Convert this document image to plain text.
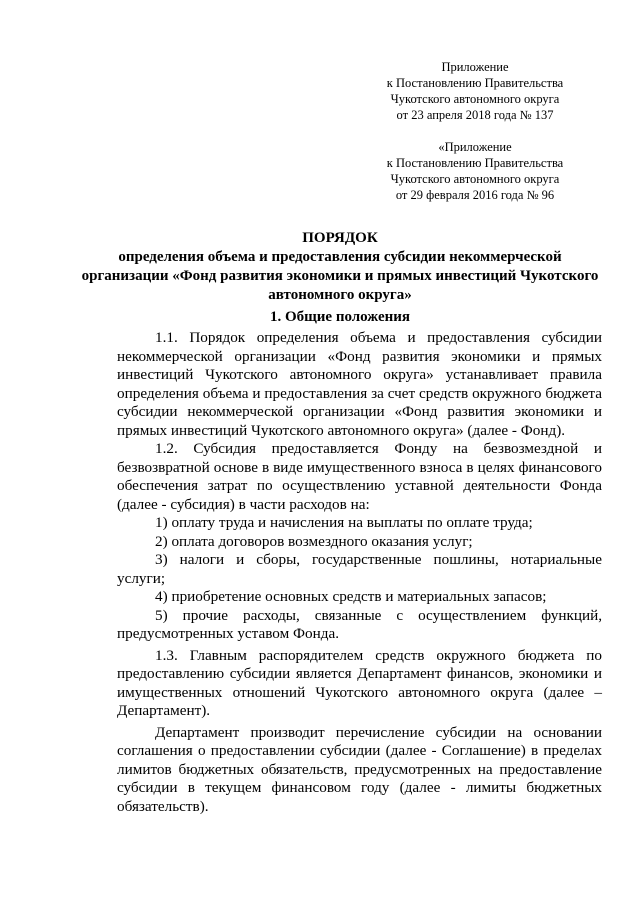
Приложение
к Постановлению Правительства
Чукотского автономного округа
от 23 апреля 2018 года № 137
«Приложение
к Постановлению Правительства
Чукотского автономного округа
от 29 февраля 2016 года № 96
ПОРЯДОК
определения объема и предоставления субсидии некоммерческой организации «Фонд развития экономики и прямых инвестиций Чукотского автономного округа»
1. Общие положения

1.1. Порядок определения объема и предоставления субсидии некоммерческой организации «Фонд развития экономики и прямых инвестиций Чукотского автономного округа» устанавливает правила определения объема и предоставления за счет средств окружного бюджета субсидии некоммерческой организации «Фонд развития экономики и прямых инвестиций Чукотского автономного округа» (далее - Фонд).

1.2. Субсидия предоставляется Фонду на безвозмездной и безвозвратной основе в виде имущественного взноса в целях финансового обеспечения затрат по осуществлению уставной деятельности Фонда (далее - субсидия) в части расходов на:

1) оплату труда и начисления на выплаты по оплате труда;

2) оплата договоров возмездного оказания услуг;

3) налоги и сборы, государственные пошлины, нотариальные услуги;

4) приобретение основных средств и материальных запасов;

5) прочие расходы, связанные с осуществлением функций, предусмотренных уставом Фонда.

1.3. Главным распорядителем средств окружного бюджета по предоставлению субсидии является Департамент финансов, экономики и имущественных отношений Чукотского автономного округа (далее – Департамент).

Департамент производит перечисление субсидии на основании соглашения о предоставлении субсидии (далее - Соглашение) в пределах лимитов бюджетных обязательств, предусмотренных на предоставление субсидии в текущем финансовом году (далее - лимиты бюджетных обязательств).
